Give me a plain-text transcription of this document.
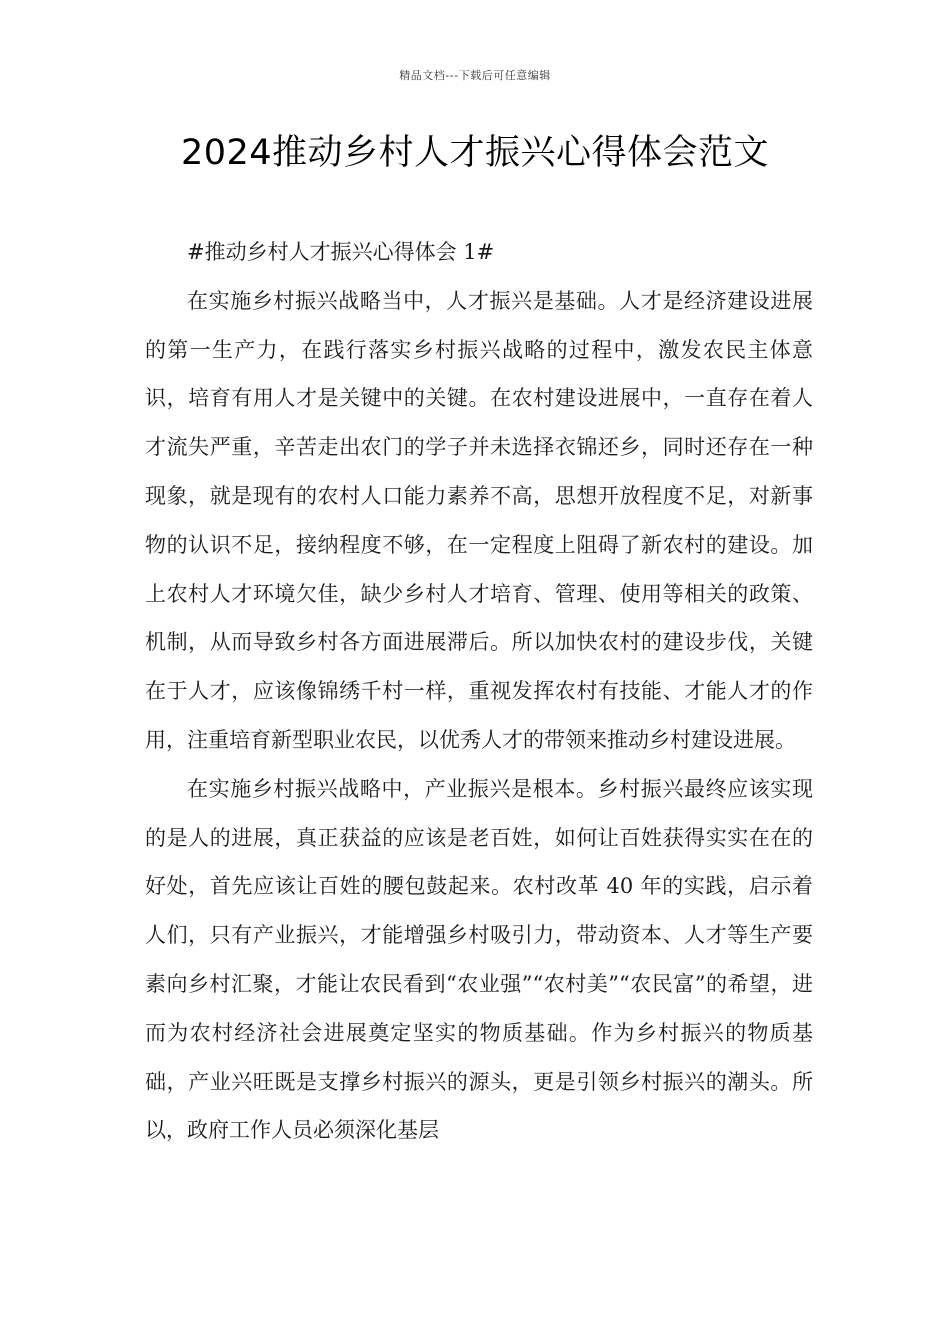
精品文档---下载后可任意编辑
2024推动乡村人才振兴心得体会范文
#推动乡村人才振兴心得体会 1#

在实施乡村振兴战略当中，人才振兴是基础。人才是经济建设进展的第一生产力，在践行落实乡村振兴战略的过程中，激发农民主体意识，培育有用人才是关键中的关键。在农村建设进展中，一直存在着人才流失严重，辛苦走出农门的学子并未选择衣锦还乡，同时还存在一种现象，就是现有的农村人口能力素养不高，思想开放程度不足，对新事物的认识不足，接纳程度不够，在一定程度上阻碍了新农村的建设。加上农村人才环境欠佳，缺少乡村人才培育、管理、使用等相关的政策、机制，从而导致乡村各方面进展滞后。所以加快农村的建设步伐，关键在于人才，应该像锦绣千村一样，重视发挥农村有技能、才能人才的作用，注重培育新型职业农民，以优秀人才的带领来推动乡村建设进展。

在实施乡村振兴战略中，产业振兴是根本。乡村振兴最终应该实现的是人的进展，真正获益的应该是老百姓，如何让百姓获得实实在在的好处，首先应该让百姓的腰包鼓起来。农村改革 40 年的实践，启示着人们，只有产业振兴，才能增强乡村吸引力，带动资本、人才等生产要素向乡村汇聚，才能让农民看到“农业强”“农村美”“农民富”的希望，进而为农村经济社会进展奠定坚实的物质基础。作为乡村振兴的物质基础，产业兴旺既是支撑乡村振兴的源头，更是引领乡村振兴的潮头。所以，政府工作人员必须深化基层
